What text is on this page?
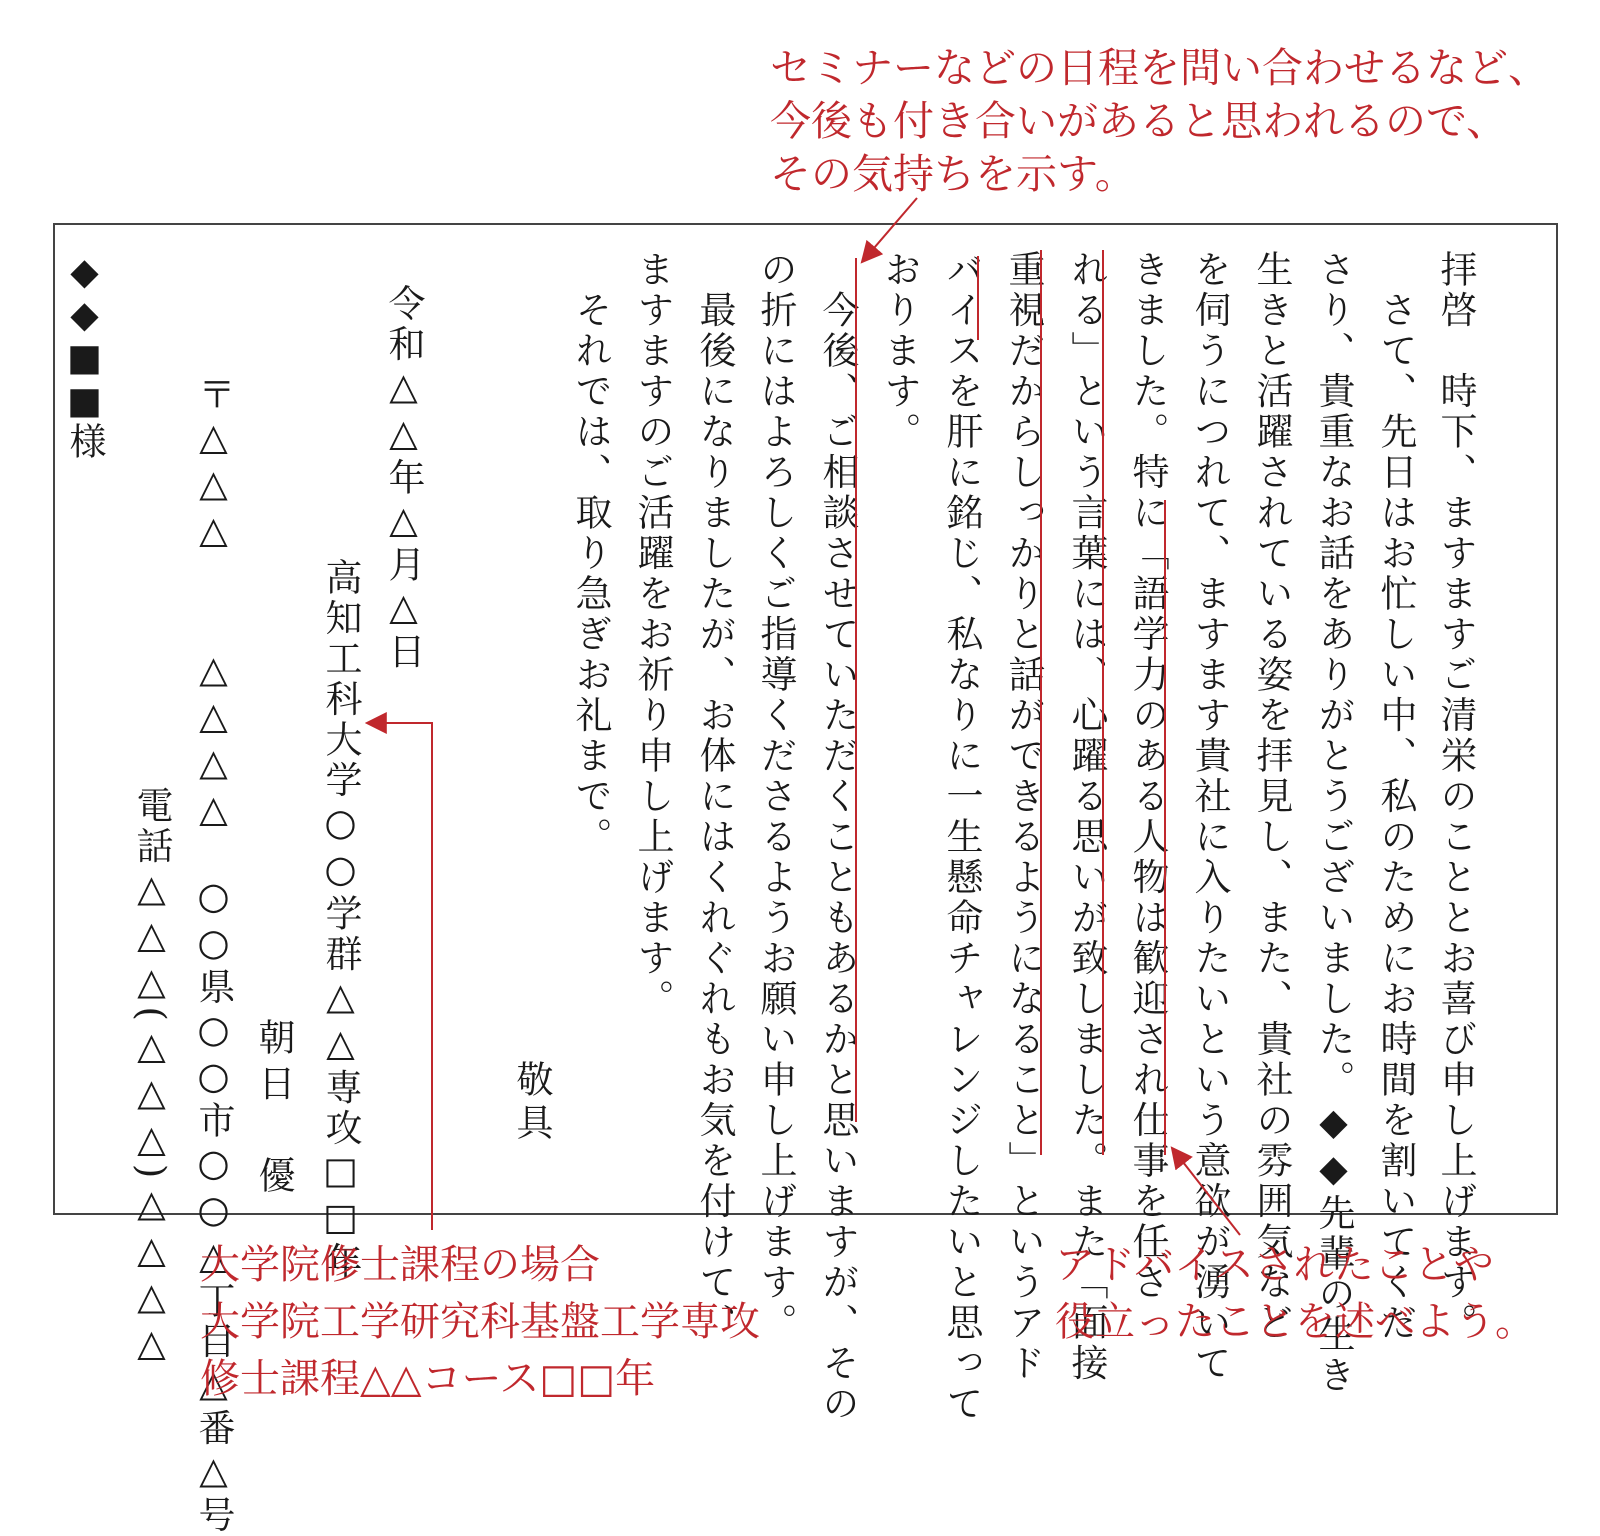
セミナーなどの日程を問い合わせるなど、
今後も付き合いがあると思われるので、
その気持ちを示す。
拝啓　時下、ますますご清栄のこととお喜び申し上げます。
　さて、先日はお忙しい中、私のためにお時間を割いてくだ
さり、貴重なお話をありがとうございました。◆◆先輩の生き
生きと活躍されている姿を拝見し、また、貴社の雰囲気など
を伺うにつれて、ますます貴社に入りたいという意欲が湧いて
きました。特に「語学力のある人物は歓迎され仕事を任さ
れる」という言葉には、心躍る思いが致しました。また「面接
重視だからしっかりと話ができるようになること」というアド
バイスを肝に銘じ、私なりに一生懸命チャレンジしたいと思って
おります。
　今後、ご相談させていただくこともあるかと思いますが、その
の折にはよろしくご指導くださるようお願い申し上げます。
　最後になりましたが、お体にはくれぐれもお気を付けて、
ますますのご活躍をお祈り申し上げます。
　それでは、取り急ぎお礼まで。
敬具
令和△△年△月△日
高知工科大学○○学群△△専攻□□年
朝日　優
〒△△△
△△△△　○○県○○市○○△丁目△番△号
電話△△△(△△△)△△△△
◆◆■■様
大学院修士課程の場合
大学院工学研究科基盤工学専攻
修士課程△△コース□□年
アドバイスされたことや
役立ったことを述べよう。
